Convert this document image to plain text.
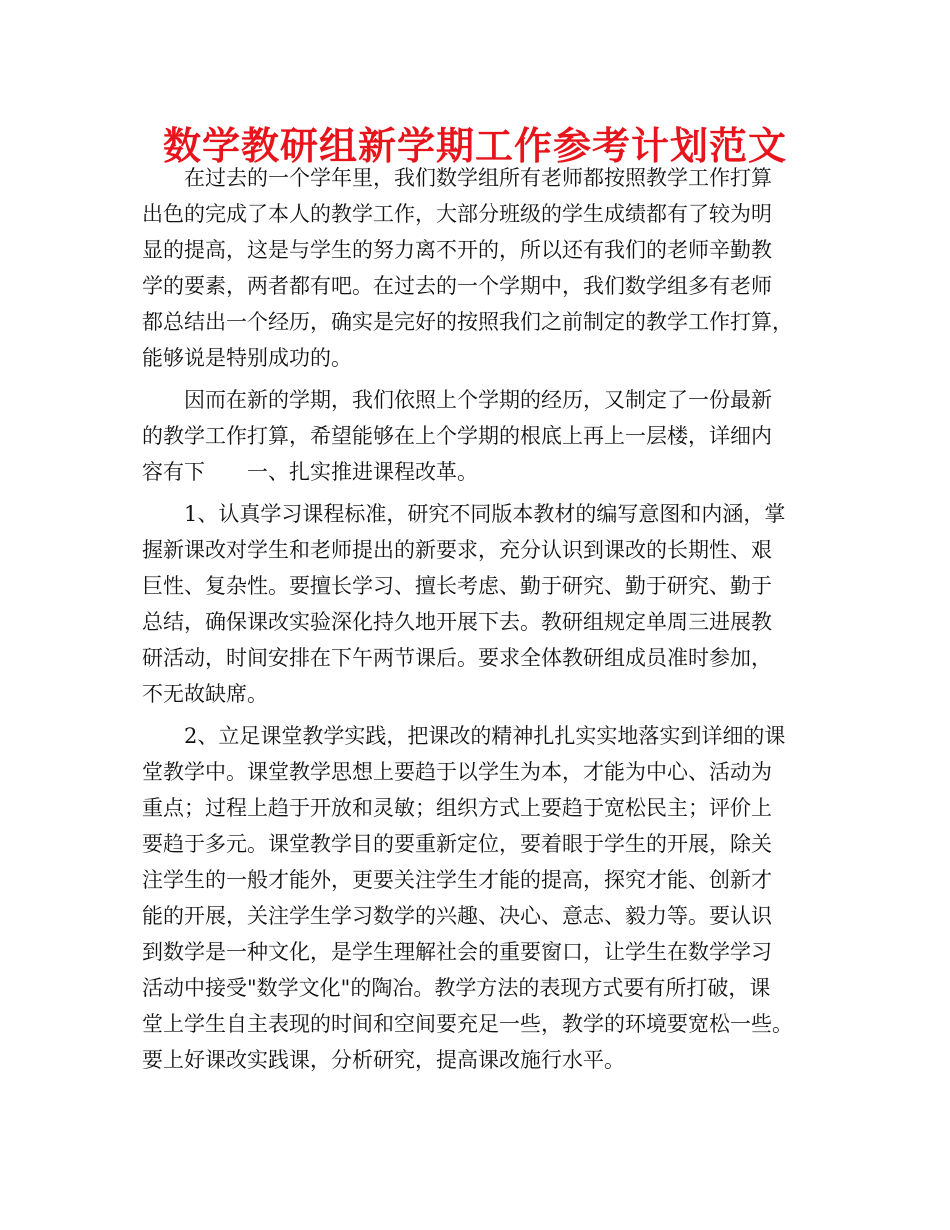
数学教研组新学期工作参考计划范文
在过去的一个学年里，我们数学组所有老师都按照教学工作打算
出色的完成了本人的教学工作，大部分班级的学生成绩都有了较为明
显的提高，这是与学生的努力离不开的，所以还有我们的老师辛勤教
学的要素，两者都有吧。在过去的一个学期中，我们数学组多有老师
都总结出一个经历，确实是完好的按照我们之前制定的教学工作打算，
能够说是特别成功的。
因而在新的学期，我们依照上个学期的经历，又制定了一份最新
的教学工作打算，希望能够在上个学期的根底上再上一层楼，详细内
容有下　　一、扎实推进课程改革。
1、认真学习课程标准，研究不同版本教材的编写意图和内涵，掌
握新课改对学生和老师提出的新要求，充分认识到课改的长期性、艰
巨性、复杂性。要擅长学习、擅长考虑、勤于研究、勤于研究、勤于
总结，确保课改实验深化持久地开展下去。教研组规定单周三进展教
研活动，时间安排在下午两节课后。要求全体教研组成员准时参加，
不无故缺席。
2、立足课堂教学实践，把课改的精神扎扎实实地落实到详细的课
堂教学中。课堂教学思想上要趋于以学生为本，才能为中心、活动为
重点；过程上趋于开放和灵敏；组织方式上要趋于宽松民主；评价上
要趋于多元。课堂教学目的要重新定位，要着眼于学生的开展，除关
注学生的一般才能外，更要关注学生才能的提高，探究才能、创新才
能的开展，关注学生学习数学的兴趣、决心、意志、毅力等。要认识
到数学是一种文化，是学生理解社会的重要窗口，让学生在数学学习
活动中接受"数学文化"的陶冶。教学方法的表现方式要有所打破，课
堂上学生自主表现的时间和空间要充足一些，教学的环境要宽松一些。
要上好课改实践课，分析研究，提高课改施行水平。
